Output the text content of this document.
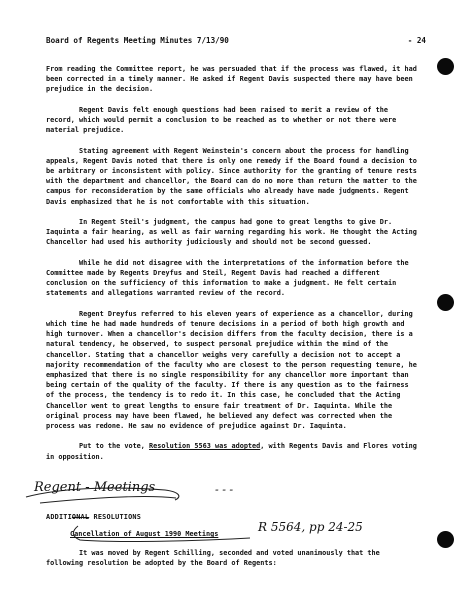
Board of Regents Meeting Minutes 7/13/90	- 24

From reading the Committee report, he was persuaded that if the process was flawed, it had been corrected in a timely manner. He asked if Regent Davis suspected there may have been prejudice in the decision.

Regent Davis felt enough questions had been raised to merit a review of the record, which would permit a conclusion to be reached as to whether or not there were material prejudice.

Stating agreement with Regent Weinstein's concern about the process for handling appeals, Regent Davis noted that there is only one remedy if the Board found a decision to be arbitrary or inconsistent with policy. Since authority for the granting of tenure rests with the department and chancellor, the Board can do no more than return the matter to the campus for reconsideration by the same officials who already have made judgments. Regent Davis emphasized that he is not comfortable with this situation.

In Regent Steil's judgment, the campus had gone to great lengths to give Dr. Iaquinta a fair hearing, as well as fair warning regarding his work. He thought the Acting Chancellor had used his authority judiciously and should not be second guessed.

While he did not disagree with the interpretations of the information before the Committee made by Regents Dreyfus and Steil, Regent Davis had reached a different conclusion on the sufficiency of this information to make a judgment. He felt certain statements and allegations warranted review of the record.

Regent Dreyfus referred to his eleven years of experience as a chancellor, during which time he had made hundreds of tenure decisions in a period of both high growth and high turnover. When a chancellor's decision differs from the faculty decision, there is a natural tendency, he observed, to suspect personal prejudice within the mind of the chancellor. Stating that a chancellor weighs very carefully a decision not to accept a majority recommendation of the faculty who are closest to the person requesting tenure, he emphasized that there is no single responsibility for any chancellor more important than being certain of the quality of the faculty. If there is any question as to the fairness of the process, the tendency is to redo it. In this case, he concluded that the Acting Chancellor went to great lengths to ensure fair treatment of Dr. Iaquinta. While the original process may have been flawed, he believed any defect was corrected when the process was redone. He saw no evidence of prejudice against Dr. Iaquinta.

Put to the vote, Resolution 5563 was adopted, with Regents Davis and Flores voting in opposition.

Regent - Meetings	- - -
ADDITIONAL RESOLUTIONS
Cancellation of August 1990 Meetings	R 5564, pp 24-25

It was moved by Regent Schilling, seconded and voted unanimously that the following resolution be adopted by the Board of Regents:
